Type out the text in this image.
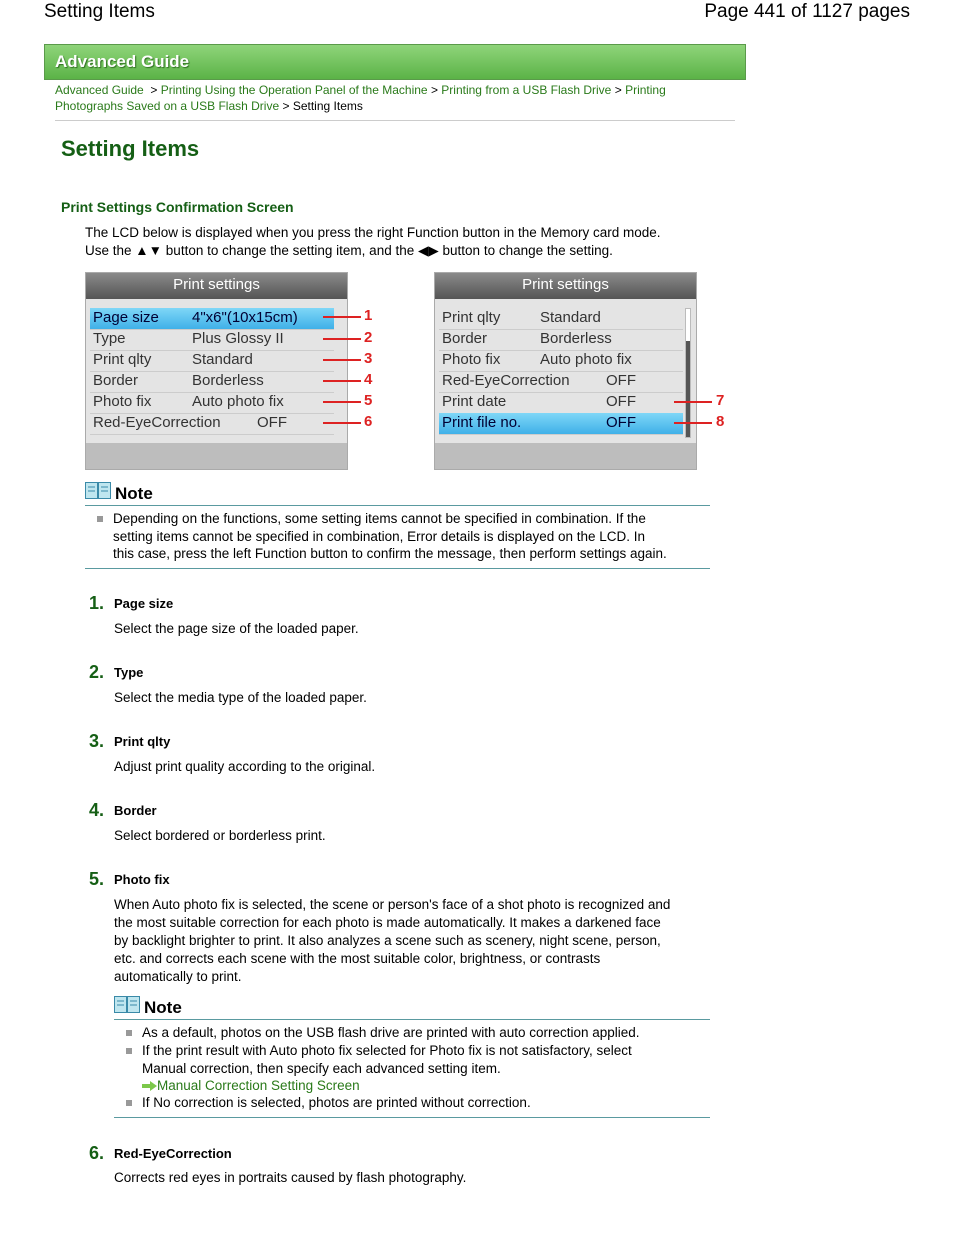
Setting Items	Page 441 of 1127 pages
Advanced Guide
Advanced Guide > Printing Using the Operation Panel of the Machine > Printing from a USB Flash Drive > Printing Photographs Saved on a USB Flash Drive > Setting Items
Setting Items
Print Settings Confirmation Screen
The LCD below is displayed when you press the right Function button in the Memory card mode.
Use the ▲▼ button to change the setting item, and the ◀▶ button to change the setting.
Print settings
Page size 4"x6"(10x15cm)
Type	Plus Glossy II
Print qlty	Standard
Border	Borderless
Photo fix	Auto photo fix
Red-EyeCorrection OFF
1
2
3
4
5
6
Print settings
Print qlty	Standard
Border	Borderless
Photo fix	Auto photo fix
Red-EyeCorrection OFF
Print date	OFF
Print file no.	OFF
7
8
Note
Depending on the functions, some setting items cannot be specified in combination. If the
setting items cannot be specified in combination, Error details is displayed on the LCD. In
this case, press the left Function button to confirm the message, then perform settings again.
1. Page size
Select the page size of the loaded paper.
2. Type
Select the media type of the loaded paper.
3. Print qlty
Adjust print quality according to the original.
4. Border
Select bordered or borderless print.
5. Photo fix
When Auto photo fix is selected, the scene or person's face of a shot photo is recognized and
the most suitable correction for each photo is made automatically. It makes a darkened face
by backlight brighter to print. It also analyzes a scene such as scenery, night scene, person,
etc. and corrects each scene with the most suitable color, brightness, or contrasts
automatically to print.
Note
As a default, photos on the USB flash drive are printed with auto correction applied.
If the print result with Auto photo fix selected for Photo fix is not satisfactory, select
Manual correction, then specify each advanced setting item.
Manual Correction Setting Screen
If No correction is selected, photos are printed without correction.
6. Red-EyeCorrection
Corrects red eyes in portraits caused by flash photography.
